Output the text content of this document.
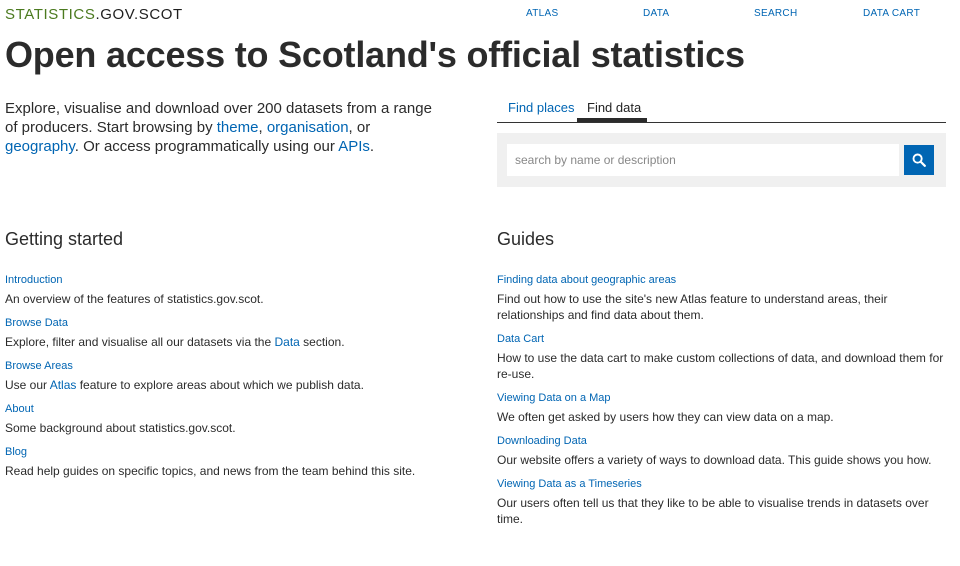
STATISTICS.GOV.SCOT	ATLAS	DATA	SEARCH	DATA CART
Open access to Scotland's official statistics

Explore, visualise and download over 200 datasets from a range of producers. Start browsing by theme, organisation, or geography. Or access programmatically using our APIs.

Find places Find data
search by name or description
Getting started
Introduction

An overview of the features of statistics.gov.scot.

Browse Data

Explore, filter and visualise all our datasets via the Data section.

Browse Areas

Use our Atlas feature to explore areas about which we publish data.

About

Some background about statistics.gov.scot.

Blog

Read help guides on specific topics, and news from the team behind this site.

Guides
Finding data about geographic areas

Find out how to use the site's new Atlas feature to understand areas, their relationships and find data about them.

Data Cart

How to use the data cart to make custom collections of data, and download them for re-use.

Viewing Data on a Map

We often get asked by users how they can view data on a map.

Downloading Data

Our website offers a variety of ways to download data. This guide shows you how.

Viewing Data as a Timeseries

Our users often tell us that they like to be able to visualise trends in datasets over time.
